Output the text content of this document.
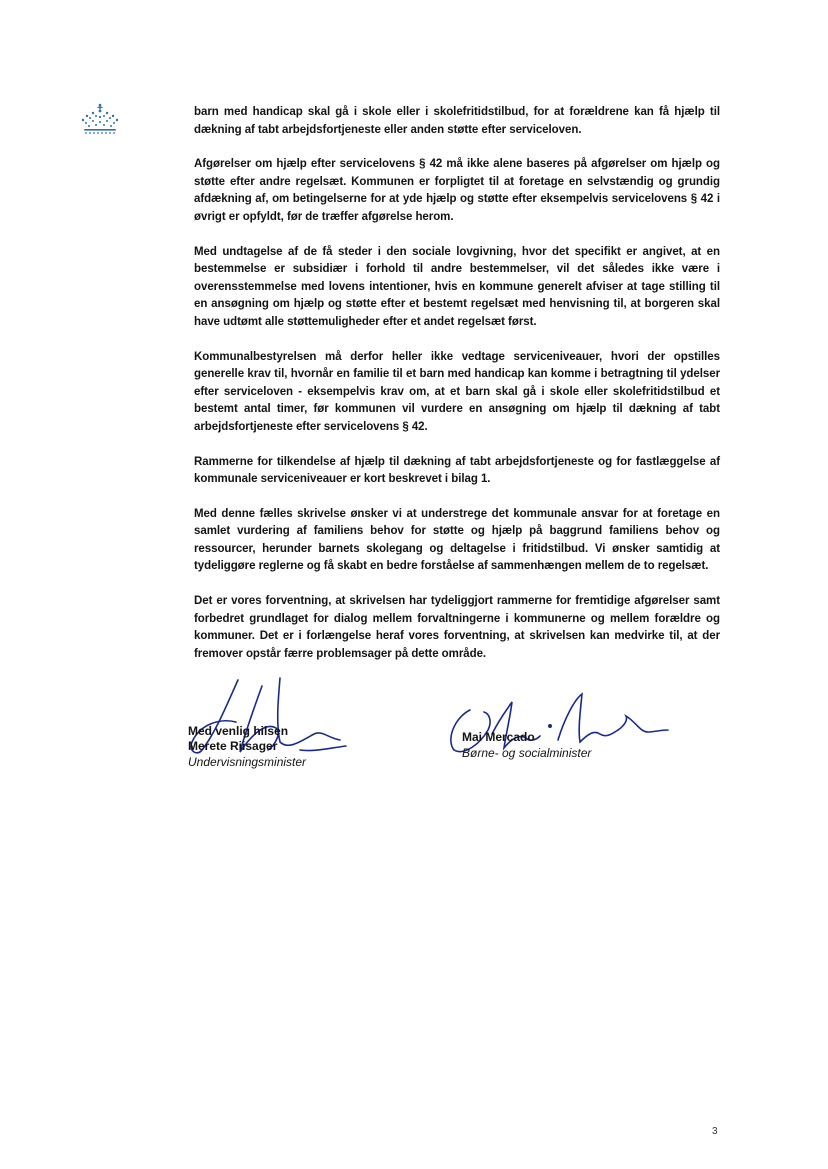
barn med handicap skal gå i skole eller i skolefritidstilbud, for at forældrene kan få hjælp til dækning af tabt arbejdsfortjeneste eller anden støtte efter serviceloven.

Afgørelser om hjælp efter servicelovens § 42 må ikke alene baseres på afgørelser om hjælp og støtte efter andre regelsæt. Kommunen er forpligtet til at foretage en selvstændig og grundig afdækning af, om betingelserne for at yde hjælp og støtte efter eksempelvis servicelovens § 42 i øvrigt er opfyldt, før de træffer afgørelse herom.

Med undtagelse af de få steder i den sociale lovgivning, hvor det specifikt er angivet, at en bestemmelse er subsidiær i forhold til andre bestemmelser, vil det således ikke være i overensstemmelse med lovens intentioner, hvis en kommune generelt afviser at tage stilling til en ansøgning om hjælp og støtte efter et bestemt regelsæt med henvisning til, at borgeren skal have udtømt alle støttemuligheder efter et andet regelsæt først.

Kommunalbestyrelsen må derfor heller ikke vedtage serviceniveauer, hvori der opstilles generelle krav til, hvornår en familie til et barn med handicap kan komme i betragtning til ydelser efter serviceloven - eksempelvis krav om, at et barn skal gå i skole eller skolefritidstilbud et bestemt antal timer, før kommunen vil vurdere en ansøgning om hjælp til dækning af tabt arbejdsfortjeneste efter servicelovens § 42.

Rammerne for tilkendelse af hjælp til dækning af tabt arbejdsfortjeneste og for fastlæggelse af kommunale serviceniveauer er kort beskrevet i bilag 1.

Med denne fælles skrivelse ønsker vi at understrege det kommunale ansvar for at foretage en samlet vurdering af familiens behov for støtte og hjælp på baggrund familiens behov og ressourcer, herunder barnets skolegang og deltagelse i fritidstilbud. Vi ønsker samtidig at tydeliggøre reglerne og få skabt en bedre forståelse af sammenhængen mellem de to regelsæt.

Det er vores forventning, at skrivelsen har tydeliggjort rammerne for fremtidige afgørelser samt forbedret grundlaget for dialog mellem forvaltningerne i kommunerne og mellem forældre og kommuner. Det er i forlængelse heraf vores forventning, at skrivelsen kan medvirke til, at der fremover opstår færre problemsager på dette område.

Med venlig hilsen
Merete Riisager
Undervisningsminister
Mai Mercado
Børne- og socialminister
3
